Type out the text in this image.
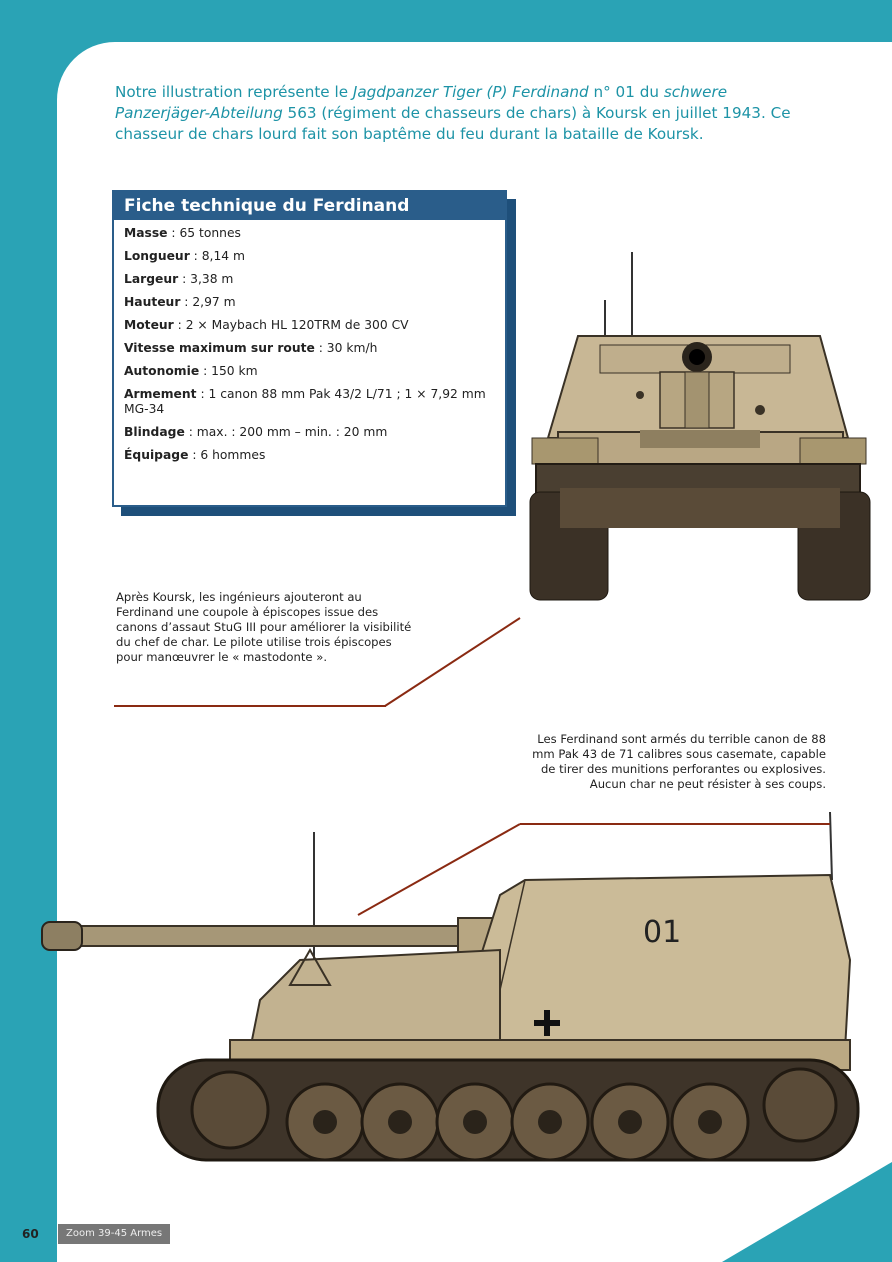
Notre illustration représente le Jagdpanzer Tiger (P) Ferdinand n° 01 du schwere Panzerjäger-Abteilung 563 (régiment de chasseurs de chars) à Koursk en juillet 1943. Ce chasseur de chars lourd fait son baptême du feu durant la bataille de Koursk.

Fiche technique du Ferdinand
Masse : 65 tonnes
Longueur : 8,14 m
Largeur : 3,38 m
Hauteur : 2,97 m
Moteur : 2 × Maybach HL 120TRM de 300 CV
Vitesse maximum sur route : 30 km/h
Autonomie : 150 km
Armement : 1 canon 88 mm Pak 43/2 L/71 ; 1 × 7,92 mm MG-34
Blindage : max. : 200 mm – min. : 20 mm
Équipage : 6 hommes
01
Après Koursk, les ingénieurs ajouteront au Ferdinand une coupole à épiscopes issue des canons d’assaut StuG III pour améliorer la visibilité du chef de char. Le pilote utilise trois épiscopes pour manœuvrer le « mastodonte ».
Les Ferdinand sont armés du terrible canon de 88 mm Pak 43 de 71 calibres sous casemate, capable de tirer des munitions perforantes ou explosives. Aucun char ne peut résister à ses coups.
60	Zoom 39-45 Armes
